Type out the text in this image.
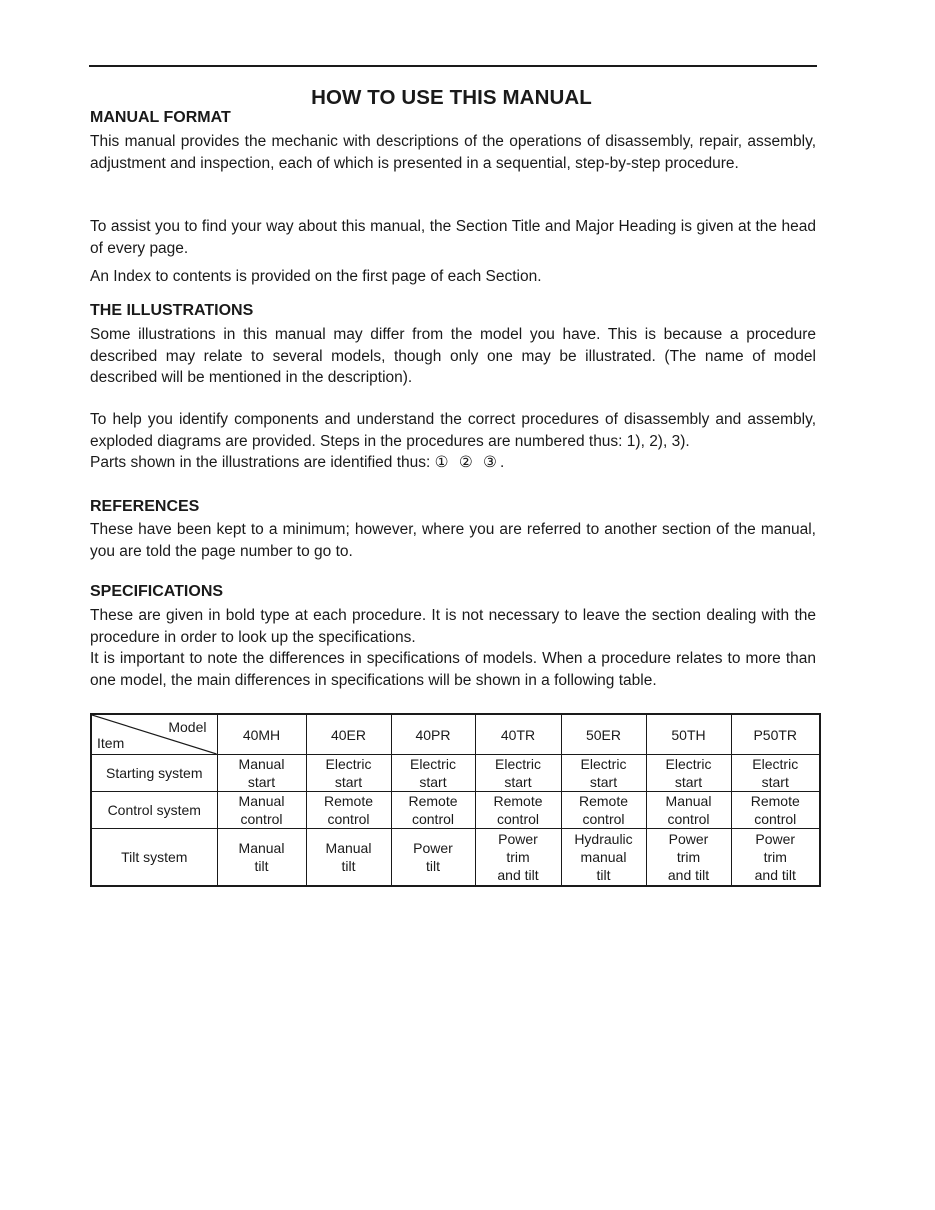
HOW TO USE THIS MANUAL
MANUAL FORMAT

This manual provides the mechanic with descriptions of the operations of disassembly, repair, assembly, adjustment and inspection, each of which is presented in a sequential, step-by-step procedure.

To assist you to find your way about this manual, the Section Title and Major Heading is given at the head of every page.

An Index to contents is provided on the first page of each Section.

THE ILLUSTRATIONS

Some illustrations in this manual may differ from the model you have. This is because a procedure described may relate to several models, though only one may be illustrated. (The name of model described will be mentioned in the description).

To help you identify components and understand the correct procedures of disassembly and assembly, exploded diagrams are provided. Steps in the procedures are numbered thus: 1), 2), 3).

Parts shown in the illustrations are identified thus: ① ② ③.

REFERENCES

These have been kept to a minimum; however, where you are referred to another section of the manual, you are told the page number to go to.

SPECIFICATIONS

These are given in bold type at each procedure. It is not necessary to leave the section dealing with the procedure in order to look up the specifications.

It is important to note the differences in specifications of models. When a procedure relates to more than one model, the main differences in specifications will be shown in a following table.

Model
Item	40MH	40ER	40PR	40TR	50ER	50TH	P50TR
Starting system	Manual
start	Electric
start	Electric
start	Electric
start	Electric
start	Electric
start	Electric
start

Control system	Manual
control	Remote
control	Remote
control	Remote
control	Remote
control	Manual
control	Remote
control

Tilt system	Manual
tilt	Manual
tilt	Power
tilt	Power
trim
and tilt	Hydraulic
manual
tilt	Power
trim
and tilt	Power
trim
and tilt
